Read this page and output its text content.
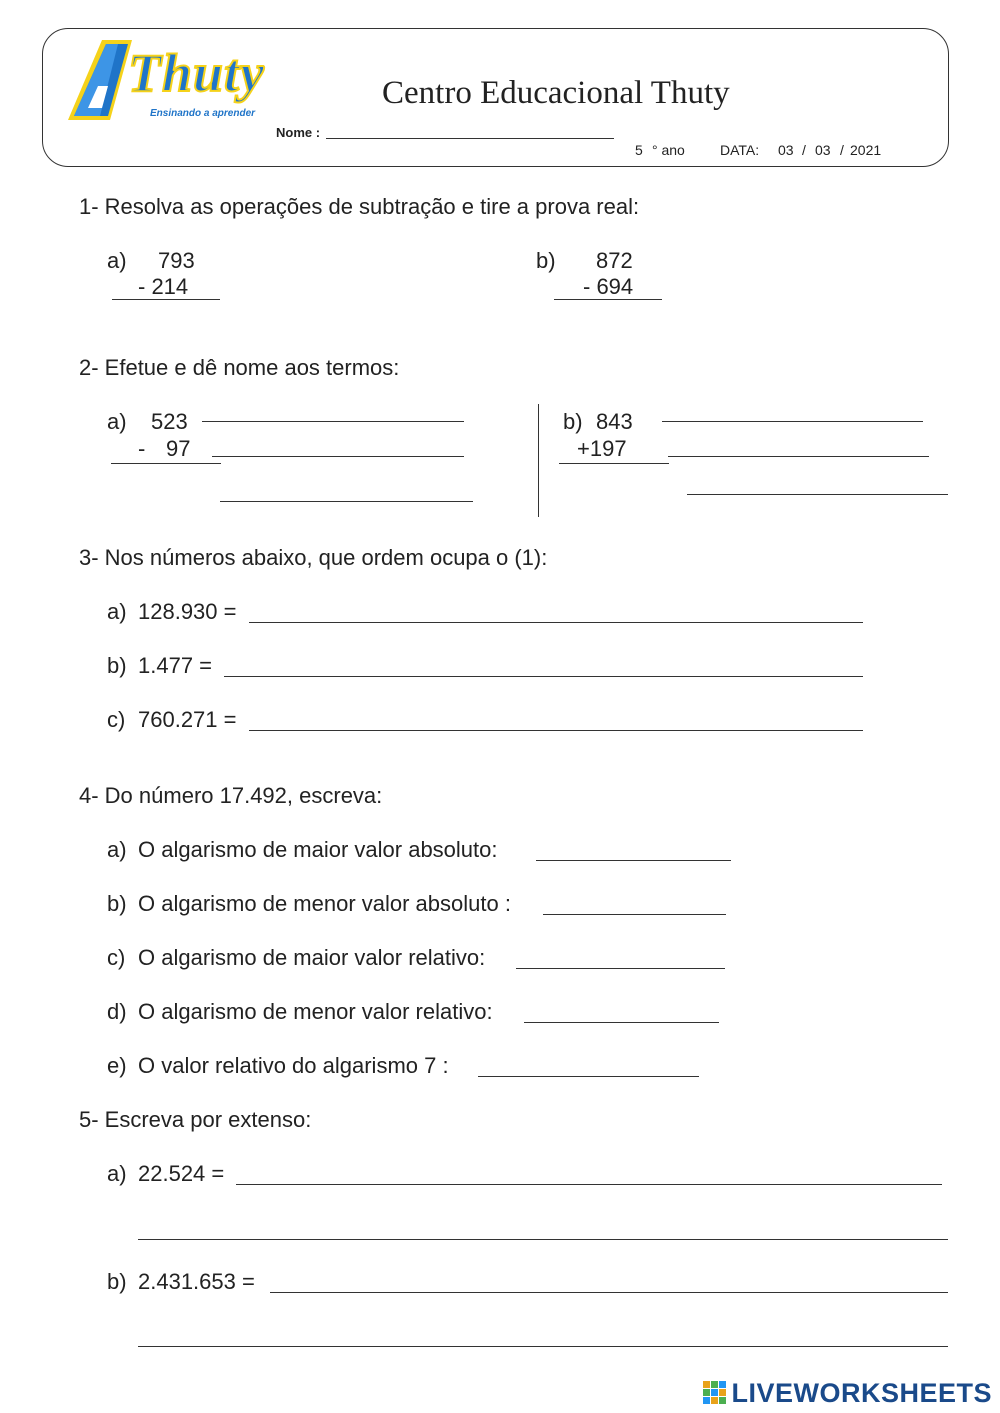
Thuty
Ensinando a aprender
Centro Educacional Thuty
Nome :
5 ° ano	DATA: 03 / 03 / 2021
1- Resolva as operações de subtração e tire a prova real:
a) 793
- 214
b) 872
- 694
2- Efetue e dê nome aos termos:
a) 523
- 97
b) 843
+197
3- Nos números abaixo, que ordem ocupa o (1):
a) 128.930 =
b) 1.477 =
c) 760.271 =
4- Do número 17.492, escreva:
a) O algarismo de maior valor absoluto:
b) O algarismo de menor valor absoluto :
c) O algarismo de maior valor relativo:
d) O algarismo de menor valor relativo:
e) O valor relativo do algarismo 7 :
5- Escreva por extenso:
a) 22.524 =
b) 2.431.653 =
LIVEWORKSHEETS
